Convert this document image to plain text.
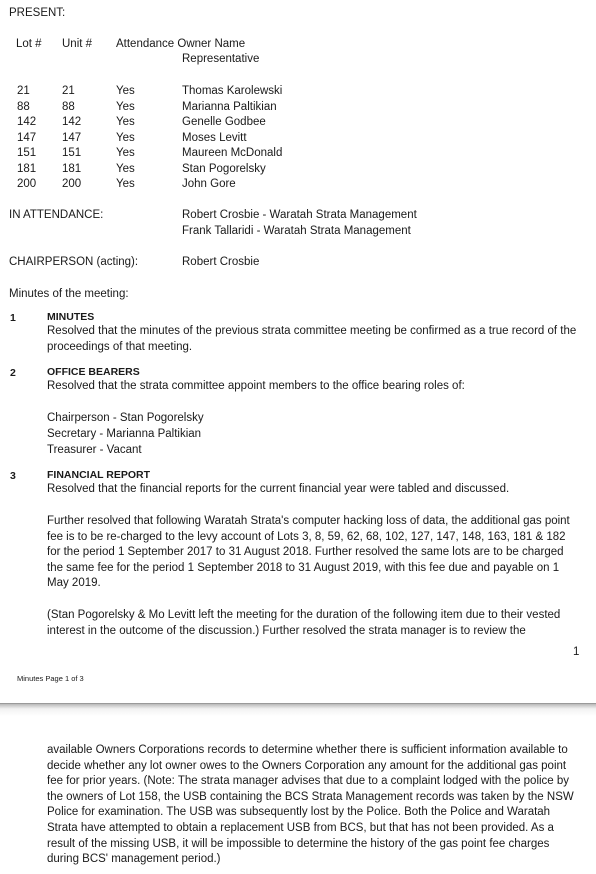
PRESENT:
Lot # Unit # Attendance Owner Name
Representative
21	21	Yes	Thomas Karolewski
88	88	Yes	Marianna Paltikian
142 142	Yes	Genelle Godbee
147 147	Yes	Moses Levitt
151 151	Yes	Maureen McDonald
181 181	Yes	Stan Pogorelsky
200 200	Yes	John Gore
IN ATTENDANCE:	Robert Crosbie - Waratah Strata Management
Frank Tallaridi - Waratah Strata Management
CHAIRPERSON (acting):	Robert Crosbie
Minutes of the meeting:
1	MINUTES
Resolved that the minutes of the previous strata committee meeting be confirmed as a true record of the proceedings of that meeting.
2	OFFICE BEARERS
Resolved that the strata committee appoint members to the office bearing roles of:
Chairperson - Stan Pogorelsky
Secretary - Marianna Paltikian
Treasurer - Vacant
3	FINANCIAL REPORT
Resolved that the financial reports for the current financial year were tabled and discussed.
Further resolved that following Waratah Strata's computer hacking loss of data, the additional gas point fee is to be re-charged to the levy account of Lots 3, 8, 59, 62, 68, 102, 127, 147, 148, 163, 181 & 182 for the period 1 September 2017 to 31 August 2018. Further resolved the same lots are to be charged the same fee for the period 1 September 2018 to 31 August 2019, with this fee due and payable on 1 May 2019.
(Stan Pogorelsky & Mo Levitt left the meeting for the duration of the following item due to their vested interest in the outcome of the discussion.) Further resolved the strata manager is to review the
1
Minutes Page 1 of 3
available Owners Corporations records to determine whether there is sufficient information available to decide whether any lot owner owes to the Owners Corporation any amount for the additional gas point fee for prior years. (Note: The strata manager advises that due to a complaint lodged with the police by the owners of Lot 158, the USB containing the BCS Strata Management records was taken by the NSW Police for examination. The USB was subsequently lost by the Police. Both the Police and Waratah Strata have attempted to obtain a replacement USB from BCS, but that has not been provided. As a result of the missing USB, it will be impossible to determine the history of the gas point fee charges during BCS' management period.)
